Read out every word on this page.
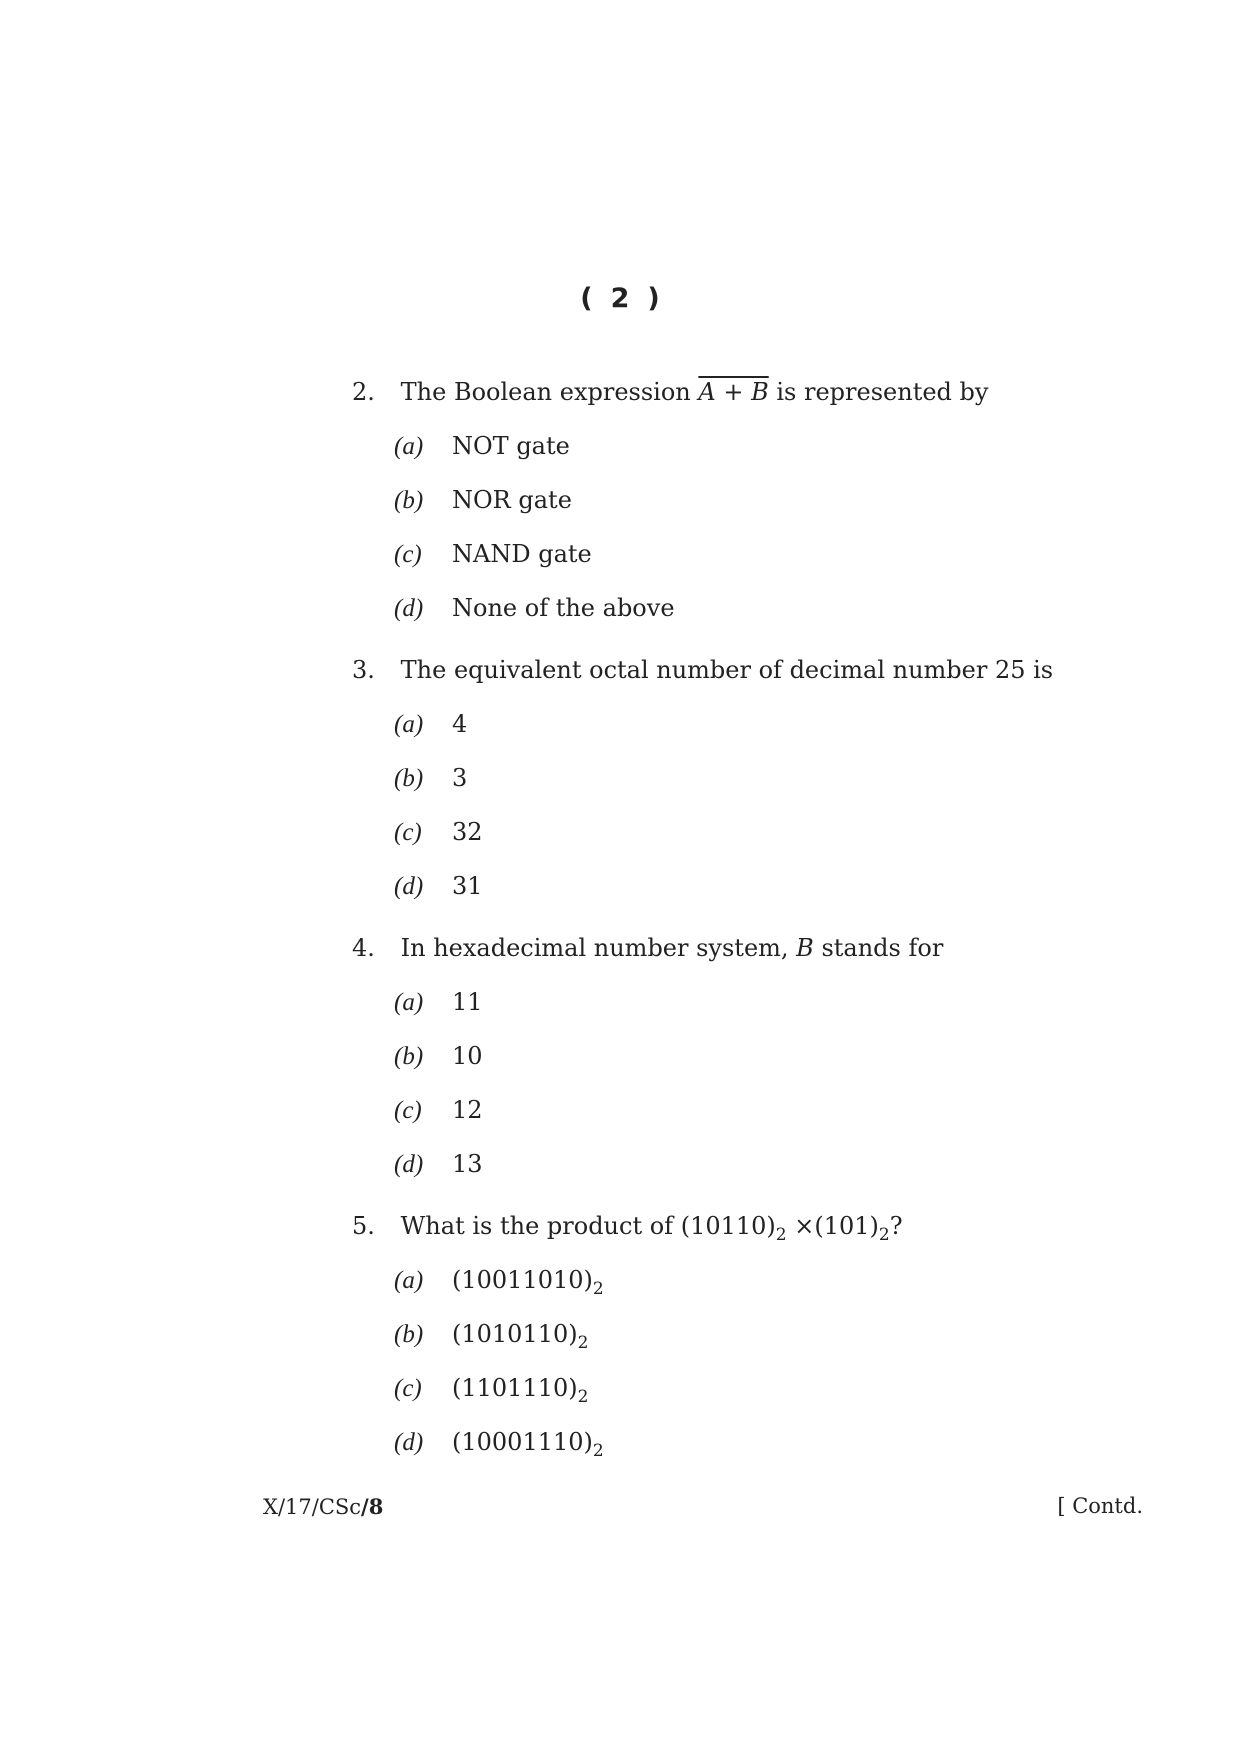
( 2 )
2. The Boolean expression A + B is represented by
(a) NOT gate
(b) NOR gate
(c) NAND gate
(d) None of the above
3. The equivalent octal number of decimal number 25 is
(a) 4
(b) 3
(c) 32
(d) 31
4. In hexadecimal number system, B stands for
(a) 11
(b) 10
(c) 12
(d) 13
5. What is the product of $(10110)_2 \times(101)_2$?
(a) $(10011010)_2$
(b) $(1010110)_2$
(c) $(1101110)_2$
(d) $(10001110)_2$
X/17/CSc/8	[ Contd.
